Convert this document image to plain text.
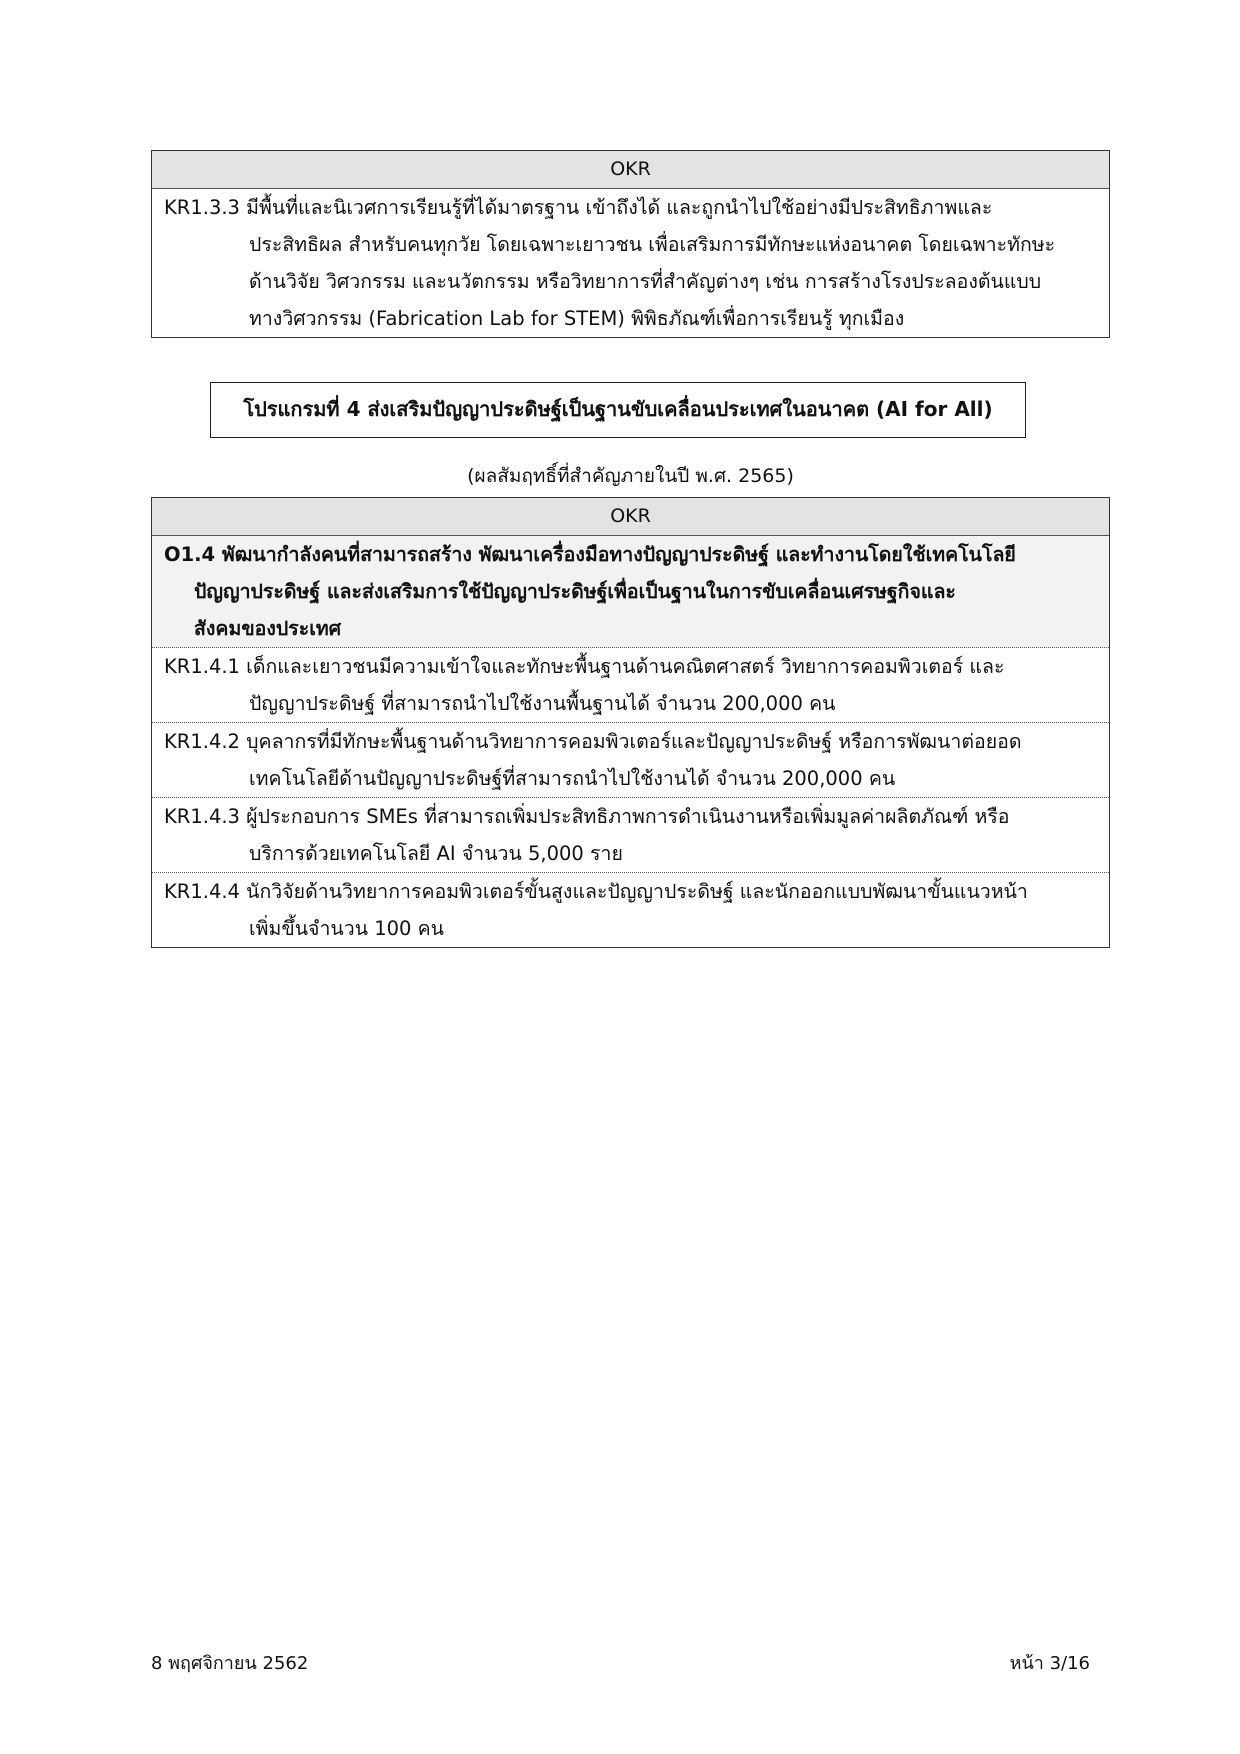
OKR
KR1.3.3 มีพื้นที่และนิเวศการเรียนรู้ที่ได้มาตรฐาน เข้าถึงได้ และถูกนำไปใช้อย่างมีประสิทธิภาพและ
ประสิทธิผล สำหรับคนทุกวัย โดยเฉพาะเยาวชน เพื่อเสริมการมีทักษะแห่งอนาคต โดยเฉพาะทักษะ
ด้านวิจัย วิศวกรรม และนวัตกรรม หรือวิทยาการที่สำคัญต่างๆ เช่น การสร้างโรงประลองต้นแบบ
ทางวิศวกรรม (Fabrication Lab for STEM) พิพิธภัณฑ์เพื่อการเรียนรู้ ทุกเมือง
โปรแกรมที่ 4 ส่งเสริมปัญญาประดิษฐ์เป็นฐานขับเคลื่อนประเทศในอนาคต (AI for All)
(ผลสัมฤทธิ์ที่สำคัญภายในปี พ.ศ. 2565)
OKR
O1.4 พัฒนากำลังคนที่สามารถสร้าง พัฒนาเครื่องมือทางปัญญาประดิษฐ์ และทำงานโดยใช้เทคโนโลยี
ปัญญาประดิษฐ์ และส่งเสริมการใช้ปัญญาประดิษฐ์เพื่อเป็นฐานในการขับเคลื่อนเศรษฐกิจและ
สังคมของประเทศ
KR1.4.1 เด็กและเยาวชนมีความเข้าใจและทักษะพื้นฐานด้านคณิตศาสตร์ วิทยาการคอมพิวเตอร์ และ
ปัญญาประดิษฐ์ ที่สามารถนำไปใช้งานพื้นฐานได้ จำนวน 200,000 คน
KR1.4.2 บุคลากรที่มีทักษะพื้นฐานด้านวิทยาการคอมพิวเตอร์และปัญญาประดิษฐ์ หรือการพัฒนาต่อยอด
เทคโนโลยีด้านปัญญาประดิษฐ์ที่สามารถนำไปใช้งานได้ จำนวน 200,000 คน
KR1.4.3 ผู้ประกอบการ SMEs ที่สามารถเพิ่มประสิทธิภาพการดำเนินงานหรือเพิ่มมูลค่าผลิตภัณฑ์ หรือ
บริการด้วยเทคโนโลยี AI จำนวน 5,000 ราย
KR1.4.4 นักวิจัยด้านวิทยาการคอมพิวเตอร์ขั้นสูงและปัญญาประดิษฐ์ และนักออกแบบพัฒนาขั้นแนวหน้า
เพิ่มขึ้นจำนวน 100 คน
8 พฤศจิกายน 2562	หน้า 3/16
